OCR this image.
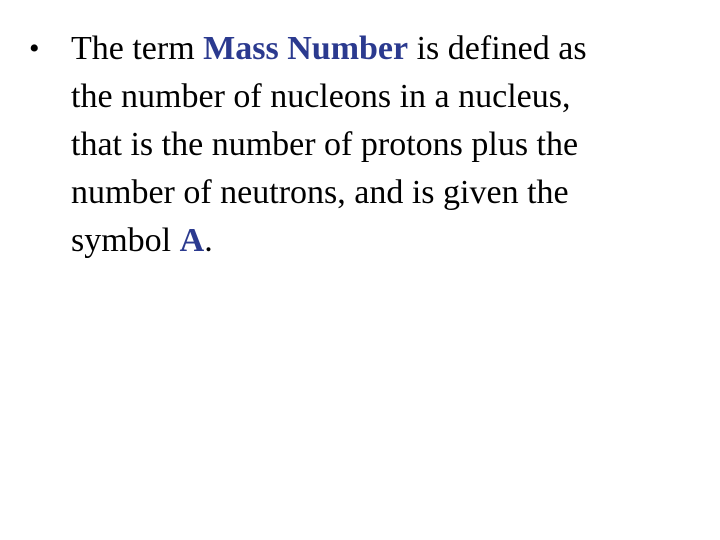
• The term Mass Number is defined as
the number of nucleons in a nucleus,
that is the number of protons plus the
number of neutrons, and is given the
symbol A.
